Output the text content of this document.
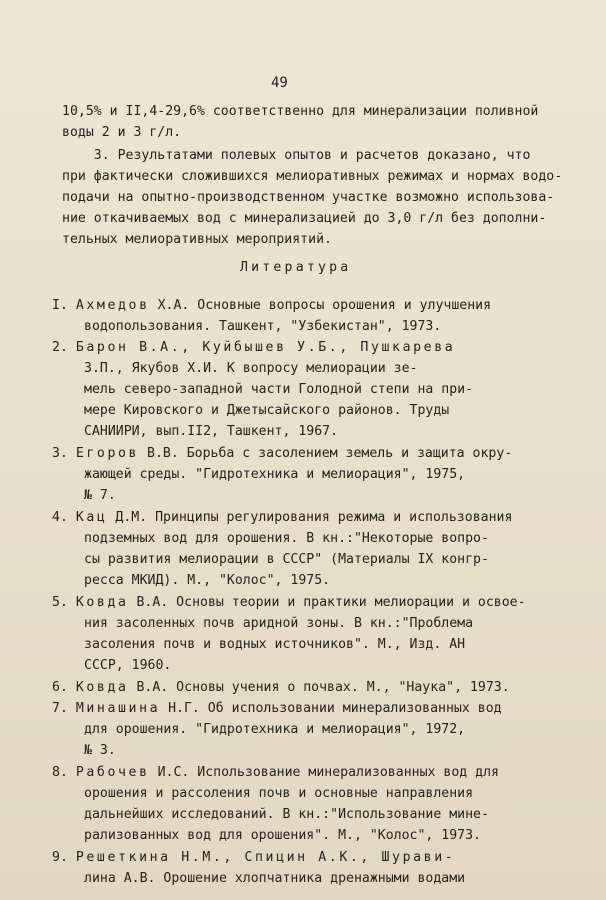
49
10,5% и II,4-29,6% соответственно для минерализации поливной
воды 2 и 3 г/л.
3. Результатами полевых опытов и расчетов доказано, что
при фактически сложившихся мелиоративных режимах и нормах водо-
подачи на опытно-производственном участке возможно использова-
ние откачиваемых вод с минерализацией до 3,0 г/л без дополни-
тельных мелиоративных мероприятий.
Литература
I. Ахмедов Х.А. Основные вопросы орошения и улучшения
водопользования. Ташкент, "Узбекистан", 1973.
2. Барон В.А., Куйбышев У.Б., Пушкарева
З.П., Якубов Х.И. К вопросу мелиорации зе-
мель северо-западной части Голодной степи на при-
мере Кировского и Джетысайского районов. Труды
САНИИРИ, вып.II2, Ташкент, 1967.
3. Егоров В.В. Борьба с засолением земель и защита окру-
жающей среды. "Гидротехника и мелиорация", 1975,
№ 7.
4. Кац Д.М. Принципы регулирования режима и использования
подземных вод для орошения. В кн.:"Некоторые вопро-
сы развития мелиорации в СССР" (Материалы IX конгр-
ресса МКИД). М., "Колос", 1975.
5. Ковда В.А. Основы теории и практики мелиорации и освое-
ния засоленных почв аридной зоны. В кн.:"Проблема
засоления почв и водных источников". М., Изд. АН
СССР, 1960.
6. Ковда В.А. Основы учения о почвах. М., "Наука", 1973.
7. Минашина Н.Г. Об использовании минерализованных вод
для орошения. "Гидротехника и мелиорация", 1972,
№ 3.
8. Рабочев И.С. Использование минерализованных вод для
орошения и рассоления почв и основные направления
дальнейших исследований. В кн.:"Использование мине-
рализованных вод для орошения". М., "Колос", 1973.
9. Решеткина Н.М., Спицин А.К., Шурави-
лина А.В. Орошение хлопчатника дренажными водами
